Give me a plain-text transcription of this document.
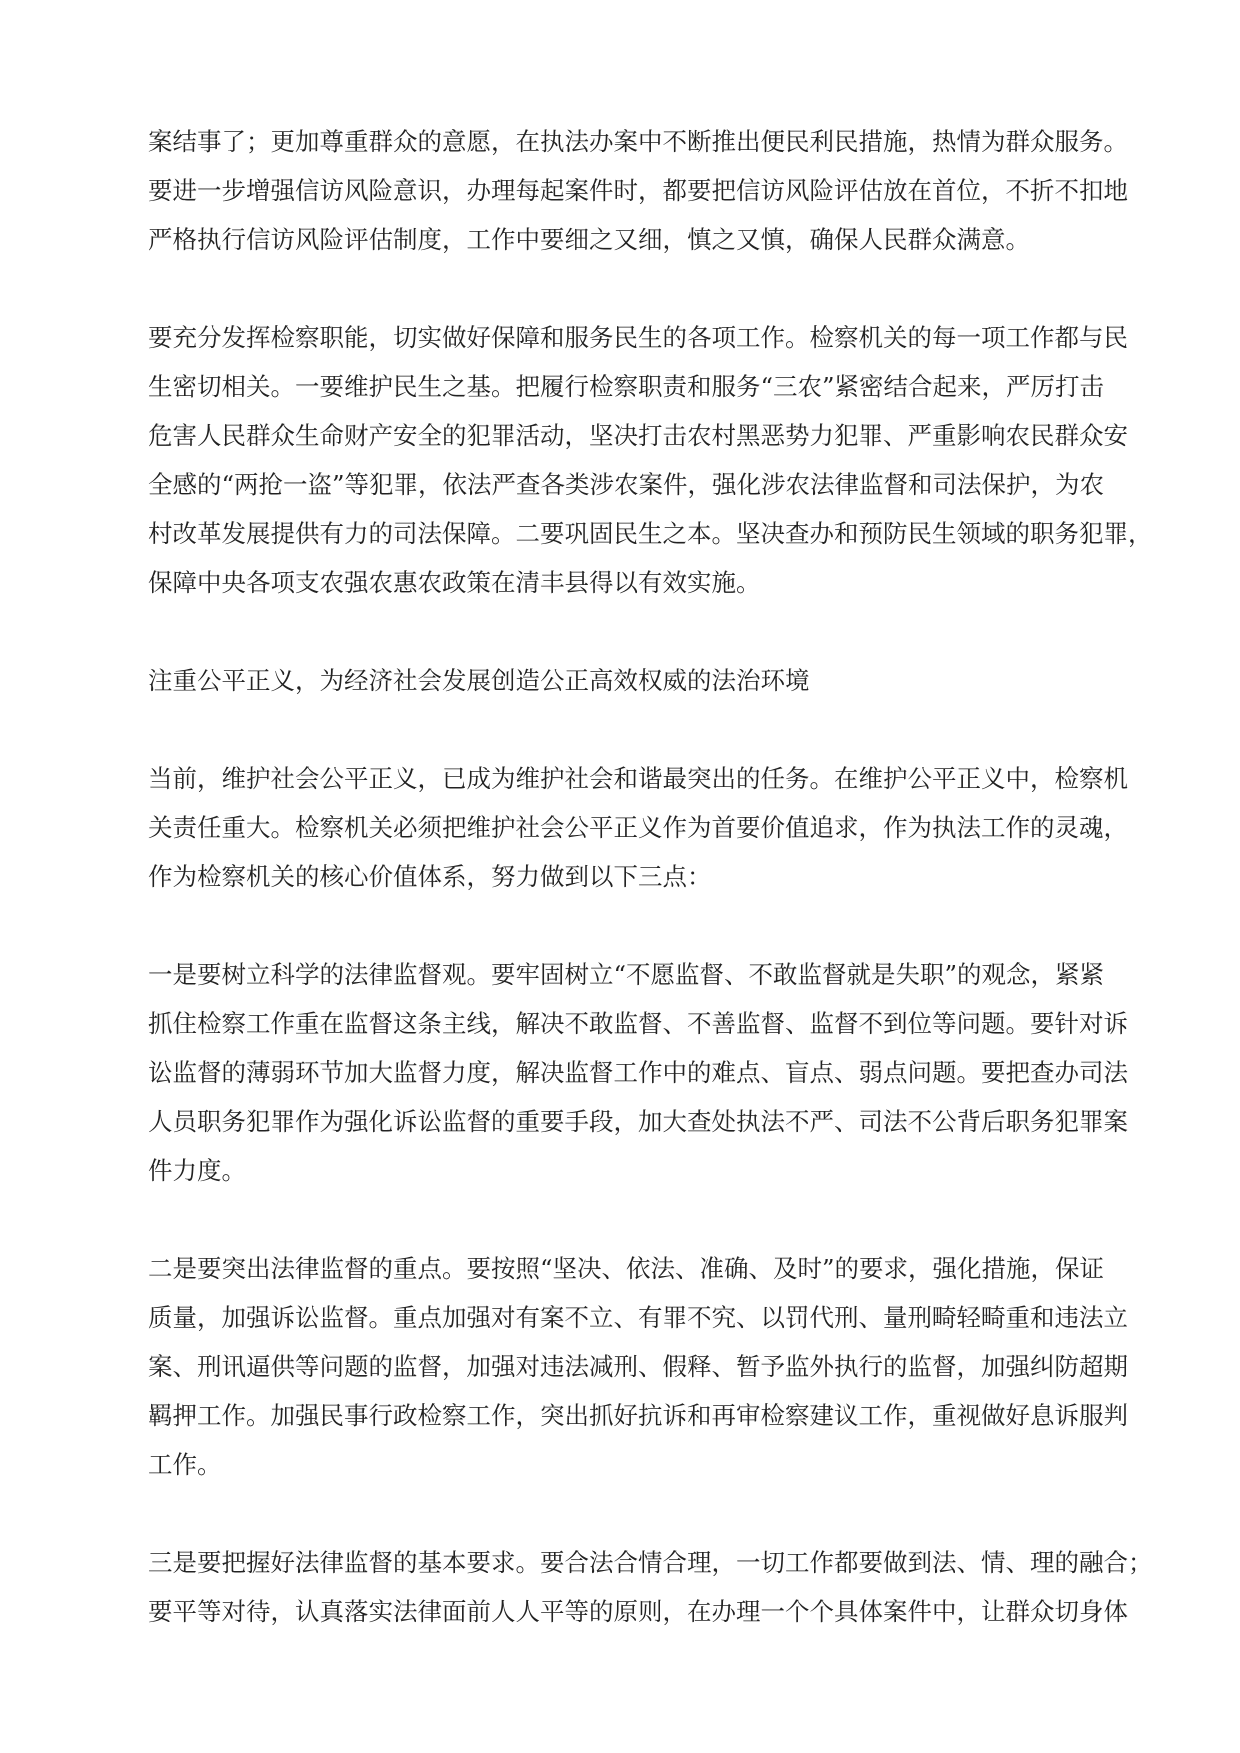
案结事了；更加尊重群众的意愿，在执法办案中不断推出便民利民措施，热情为群众服务。
要进一步增强信访风险意识，办理每起案件时，都要把信访风险评估放在首位，不折不扣地
严格执行信访风险评估制度，工作中要细之又细，慎之又慎，确保人民群众满意。

要充分发挥检察职能，切实做好保障和服务民生的各项工作。检察机关的每一项工作都与民
生密切相关。一要维护民生之基。把履行检察职责和服务“三农”紧密结合起来，严厉打击
危害人民群众生命财产安全的犯罪活动，坚决打击农村黑恶势力犯罪、严重影响农民群众安
全感的“两抢一盗”等犯罪，依法严查各类涉农案件，强化涉农法律监督和司法保护，为农
村改革发展提供有力的司法保障。二要巩固民生之本。坚决查办和预防民生领域的职务犯罪，
保障中央各项支农强农惠农政策在清丰县得以有效实施。

注重公平正义，为经济社会发展创造公正高效权威的法治环境

当前，维护社会公平正义，已成为维护社会和谐最突出的任务。在维护公平正义中，检察机
关责任重大。检察机关必须把维护社会公平正义作为首要价值追求，作为执法工作的灵魂，
作为检察机关的核心价值体系，努力做到以下三点：

一是要树立科学的法律监督观。要牢固树立“不愿监督、不敢监督就是失职”的观念，紧紧
抓住检察工作重在监督这条主线，解决不敢监督、不善监督、监督不到位等问题。要针对诉
讼监督的薄弱环节加大监督力度，解决监督工作中的难点、盲点、弱点问题。要把查办司法
人员职务犯罪作为强化诉讼监督的重要手段，加大查处执法不严、司法不公背后职务犯罪案
件力度。

二是要突出法律监督的重点。要按照“坚决、依法、准确、及时”的要求，强化措施，保证
质量，加强诉讼监督。重点加强对有案不立、有罪不究、以罚代刑、量刑畸轻畸重和违法立
案、刑讯逼供等问题的监督，加强对违法减刑、假释、暂予监外执行的监督，加强纠防超期
羁押工作。加强民事行政检察工作，突出抓好抗诉和再审检察建议工作，重视做好息诉服判
工作。

三是要把握好法律监督的基本要求。要合法合情合理，一切工作都要做到法、情、理的融合；
要平等对待，认真落实法律面前人人平等的原则，在办理一个个具体案件中，让群众切身体
